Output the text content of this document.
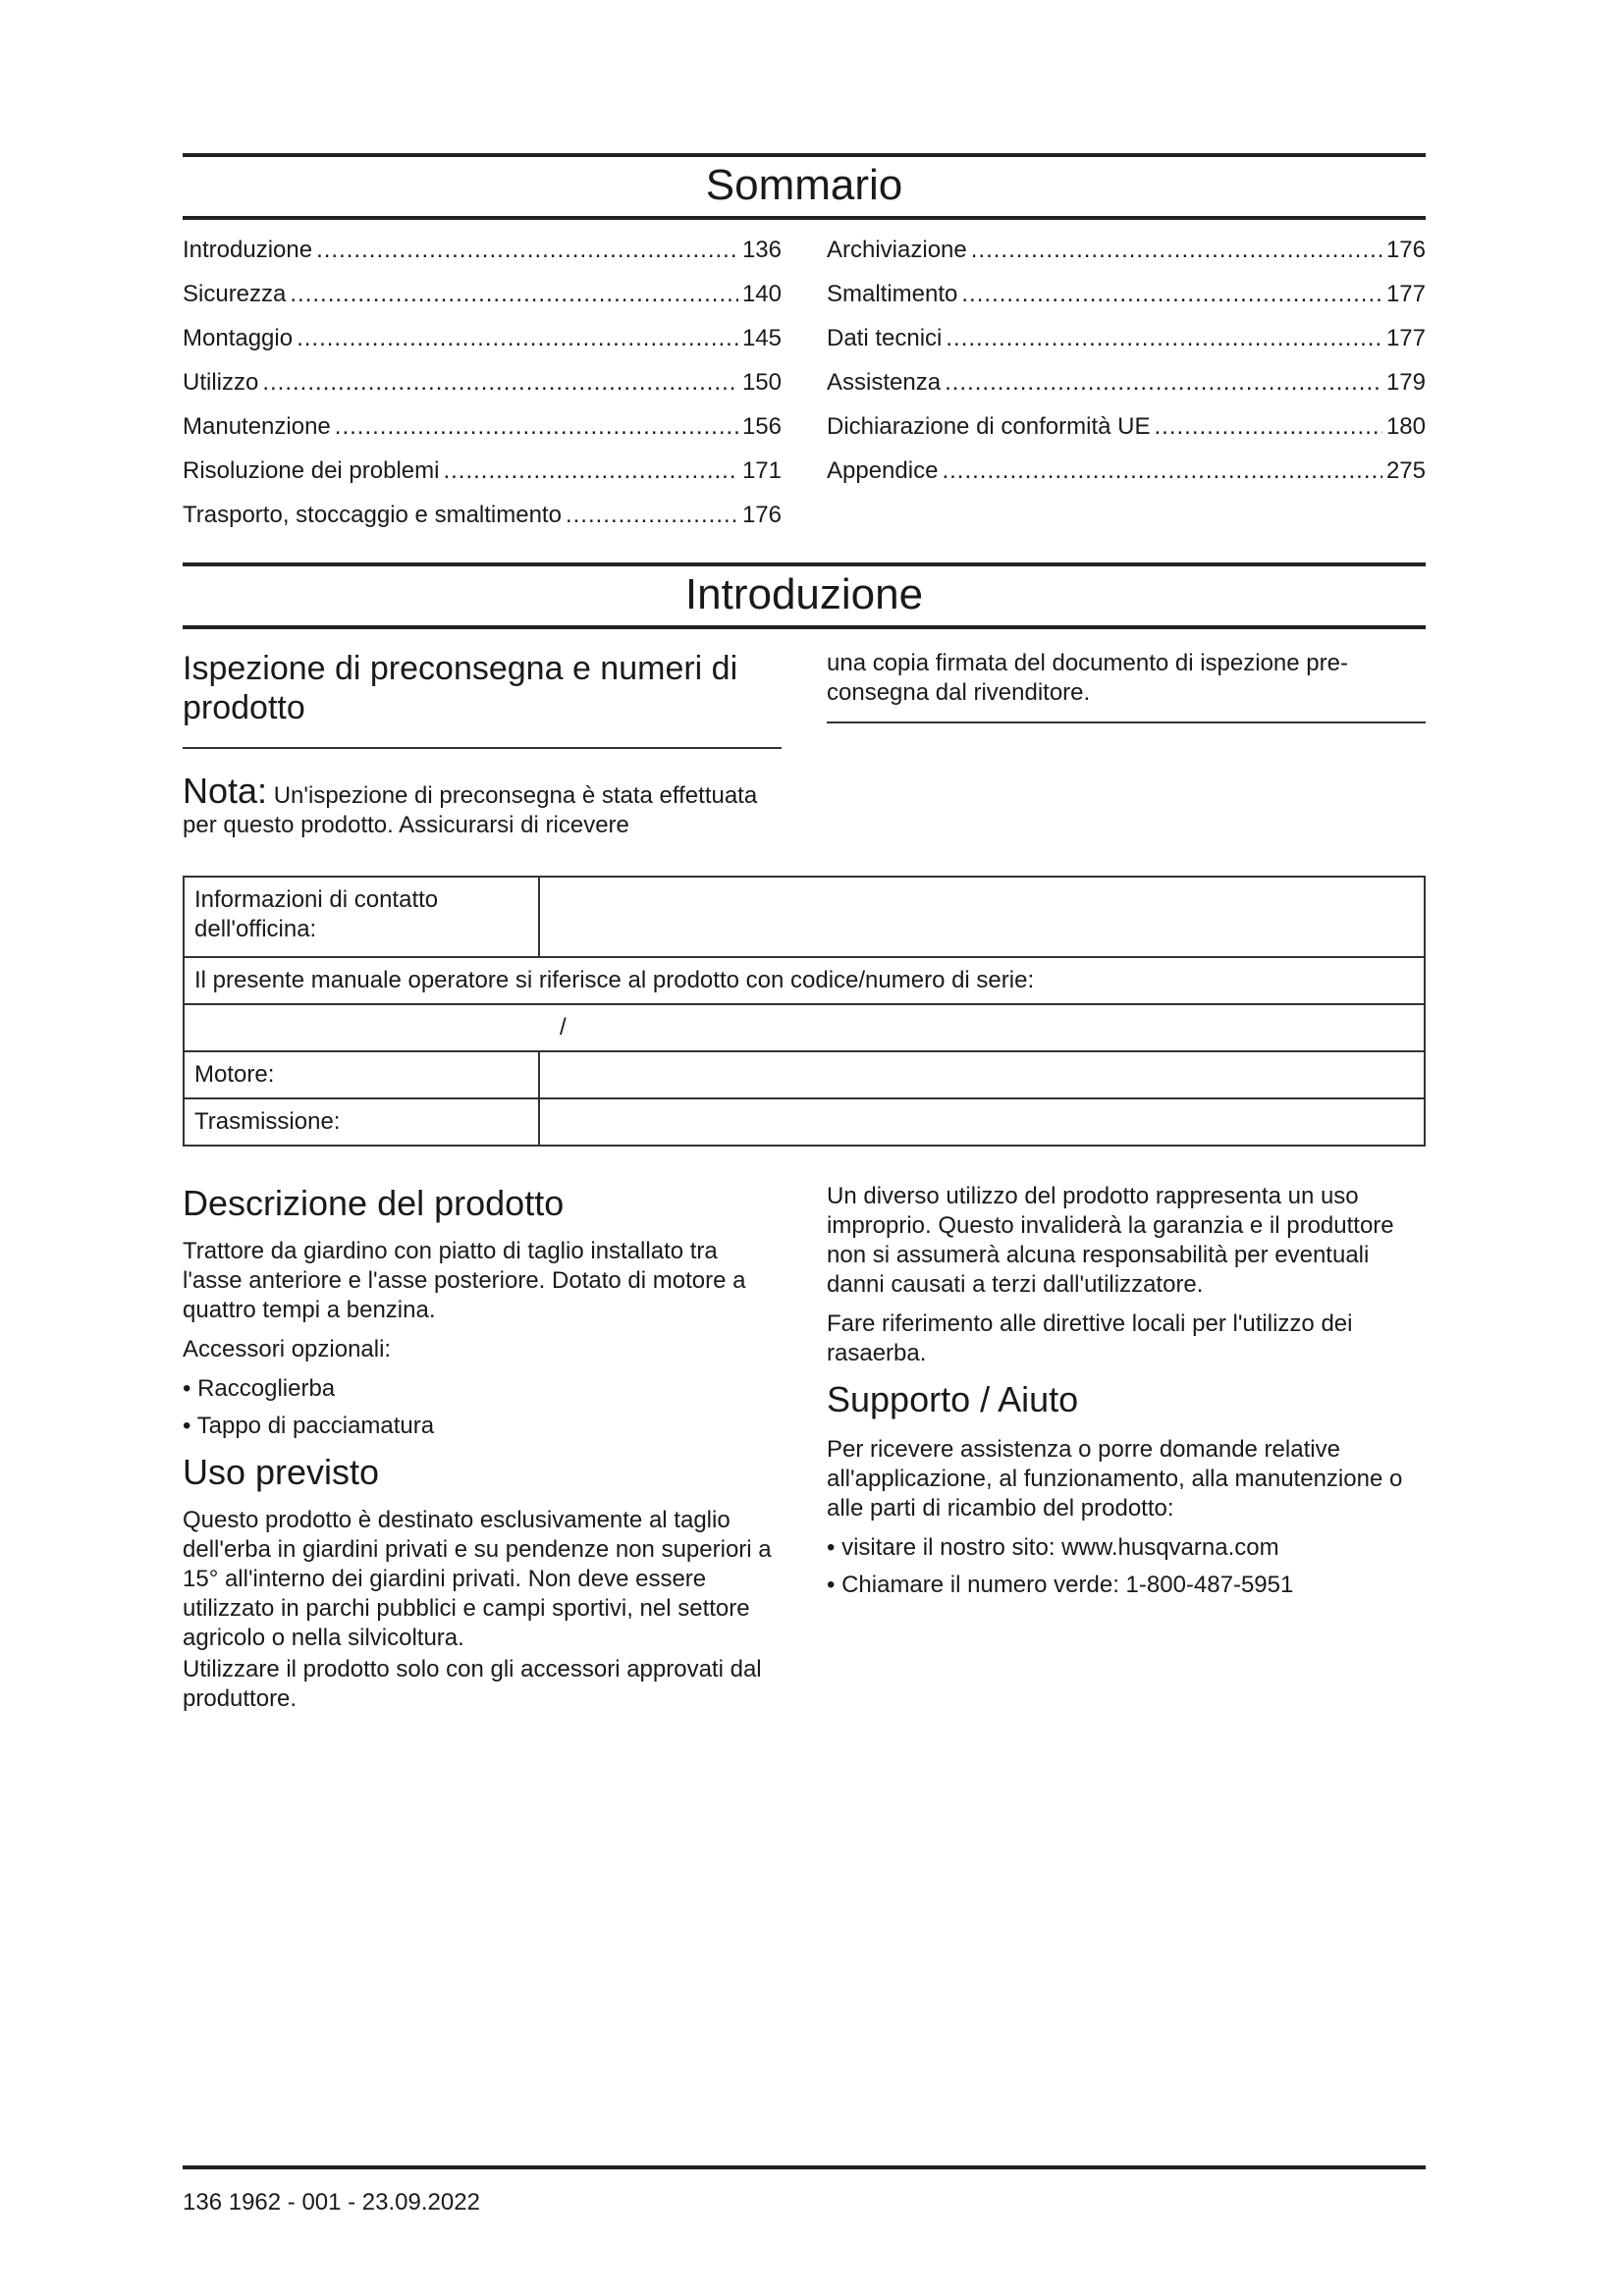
Sommario
Introduzione .....	136
Sicurezza .....	140
Montaggio .....	145
Utilizzo .....	150
Manutenzione .....	156
Risoluzione dei problemi .....	171
Trasporto, stoccaggio e smaltimento .....	176
Archiviazione .....	176
Smaltimento .....	177
Dati tecnici .....	177
Assistenza .....	179
Dichiarazione di conformità UE .....	180
Appendice .....	275
Introduzione
Ispezione di preconsegna e numeri di prodotto

Nota: Un'ispezione di preconsegna è stata effettuata per questo prodotto. Assicurarsi di ricevere

una copia firmata del documento di ispezione pre-consegna dal rivenditore.

Informazioni di contatto dell'officina:	
Il presente manuale operatore si riferisce al prodotto con codice/numero di serie:	
/	
Motore:	
Trasmissione:	
Descrizione del prodotto

Trattore da giardino con piatto di taglio installato tra l'asse anteriore e l'asse posteriore. Dotato di motore a quattro tempi a benzina.

Accessori opzionali:

• Raccoglierba
• Tappo di pacciamatura
Uso previsto

Questo prodotto è destinato esclusivamente al taglio dell'erba in giardini privati e su pendenze non superiori a 15° all'interno dei giardini privati. Non deve essere utilizzato in parchi pubblici e campi sportivi, nel settore agricolo o nella silvicoltura.

Utilizzare il prodotto solo con gli accessori approvati dal produttore.

Un diverso utilizzo del prodotto rappresenta un uso improprio. Questo invaliderà la garanzia e il produttore non si assumerà alcuna responsabilità per eventuali danni causati a terzi dall'utilizzatore.

Fare riferimento alle direttive locali per l'utilizzo dei rasaerba.

Supporto / Aiuto

Per ricevere assistenza o porre domande relative all'applicazione, al funzionamento, alla manutenzione o alle parti di ricambio del prodotto:

• visitare il nostro sito: www.husqvarna.com
• Chiamare il numero verde: 1-800-487-5951
136 1962 - 001 - 23.09.2022
